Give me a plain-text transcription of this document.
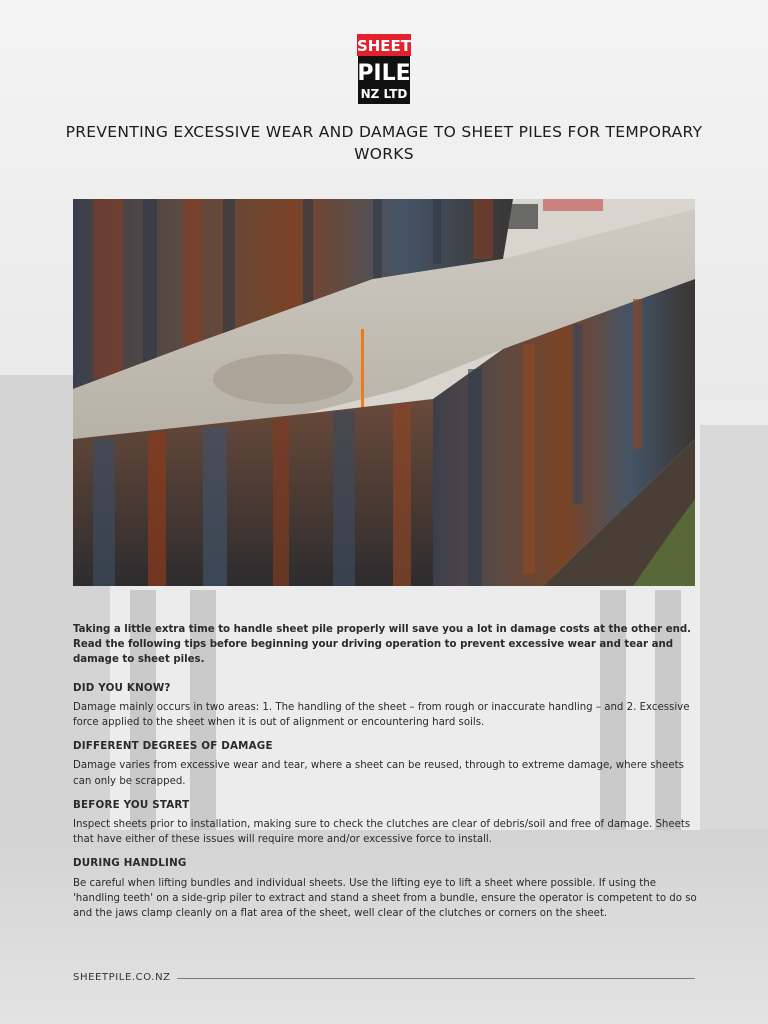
SHEET
PILE
NZ LTD
PREVENTING EXCESSIVE WEAR AND DAMAGE TO SHEET PILES FOR TEMPORARY WORKS

Taking a little extra time to handle sheet pile properly will save you a lot in damage costs at the other end. Read the following tips before beginning your driving operation to prevent excessive wear and tear and damage to sheet piles.

DID YOU KNOW?

Damage mainly occurs in two areas: 1. The handling of the sheet – from rough or inaccurate handling – and 2. Excessive force applied to the sheet when it is out of alignment or encountering hard soils.

DIFFERENT DEGREES OF DAMAGE

Damage varies from excessive wear and tear, where a sheet can be reused, through to extreme damage, where sheets can only be scrapped.

BEFORE YOU START

Inspect sheets prior to installation, making sure to check the clutches are clear of debris/soil and free of damage. Sheets that have either of these issues will require more and/or excessive force to install.

DURING HANDLING

Be careful when lifting bundles and individual sheets. Use the lifting eye to lift a sheet where possible. If using the 'handling teeth' on a side-grip piler to extract and stand a sheet from a bundle, ensure the operator is competent to do so and the jaws clamp cleanly on a flat area of the sheet, well clear of the clutches or corners on the sheet.

SHEETPILE.CO.NZ
